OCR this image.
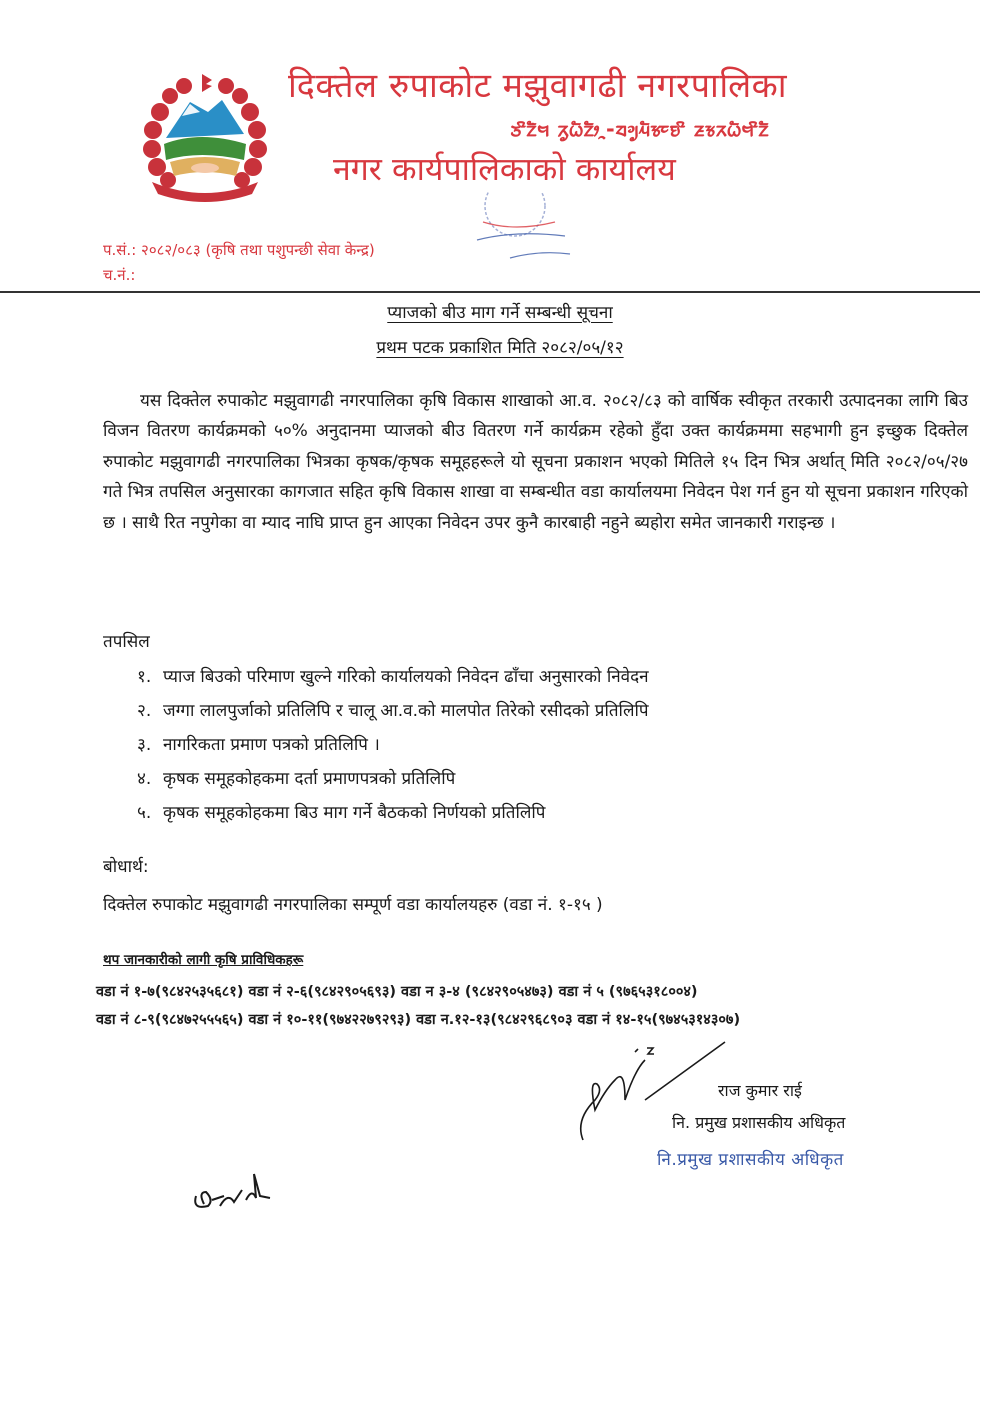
दिक्तेल रुपाकोट मझुवागढी नगरपालिका
ᤍᤡᤁ᤺ᤠᤗ ᤖᤢᤐᤠᤁᤥᤳ-ᤔᤆᤢᤘᤠᤃᤰᤎᤡ ᤏᤃᤖᤐᤠᤗᤡᤁᤠ
नगर कार्यपालिकाको कार्यालय
प.सं.: २०८२/०८३ (कृषि तथा पशुपन्छी सेवा केन्द्र)
च.नं.:
प्याजको बीउ माग गर्ने सम्बन्धी सूचना
प्रथम पटक प्रकाशित मिति २०८२/०५/१२
यस दिक्तेल रुपाकोट मझुवागढी नगरपालिका कृषि विकास शाखाको आ.व. २०८२/८३ को वार्षिक स्वीकृत तरकारी उत्पादनका लागि बिउ विजन वितरण कार्यक्रमको ५०% अनुदानमा प्याजको बीउ वितरण गर्ने कार्यक्रम रहेको हुँदा उक्त कार्यक्रममा सहभागी हुन इच्छुक दिक्तेल रुपाकोट मझुवागढी नगरपालिका भित्रका कृषक/कृषक समूहहरूले यो सूचना प्रकाशन भएको मितिले १५ दिन भित्र अर्थात् मिति २०८२/०५/२७ गते भित्र तपसिल अनुसारका कागजात सहित कृषि विकास शाखा वा सम्बन्धीत वडा कार्यालयमा निवेदन पेश गर्न हुन यो सूचना प्रकाशन गरिएको छ । साथै रित नपुगेका वा म्याद नाघि प्राप्त हुन आएका निवेदन उपर कुनै कारबाही नहुने ब्यहोरा समेत जानकारी गराइन्छ ।
तपसिल
१. प्याज बिउको परिमाण खुल्ने गरिको कार्यालयको निवेदन ढाँचा अनुसारको निवेदन
२. जग्गा लालपुर्जाको प्रतिलिपि र चालू आ.व.को मालपोत तिरेको रसीदको प्रतिलिपि
३. नागरिकता प्रमाण पत्रको प्रतिलिपि ।
४. कृषक समूहकोहकमा दर्ता प्रमाणपत्रको प्रतिलिपि
५. कृषक समूहकोहकमा बिउ माग गर्ने बैठकको निर्णयको प्रतिलिपि
बोधार्थ:
दिक्तेल रुपाकोट मझुवागढी नगरपालिका सम्पूर्ण वडा कार्यालयहरु (वडा नं. १-१५ )
थप जानकारीको लागी कृषि प्राविधिकहरू
वडा नं १-७(९८४२५३५६८१) वडा नं २-६(९८४२९०५६९३) वडा न ३-४ (९८४२९०५४७३) वडा नं ५ (९७६५३१८००४)
वडा नं ८-९(९८४७२५५५६५) वडा नं १०-११(९७४२२७९२९३) वडा न.१२-१३(९८४२९६८९०३ वडा नं १४-१५(९७४५३१४३०७)
राज कुमार राई
नि. प्रमुख प्रशासकीय अधिकृत
नि.प्रमुख प्रशासकीय अधिकृत
